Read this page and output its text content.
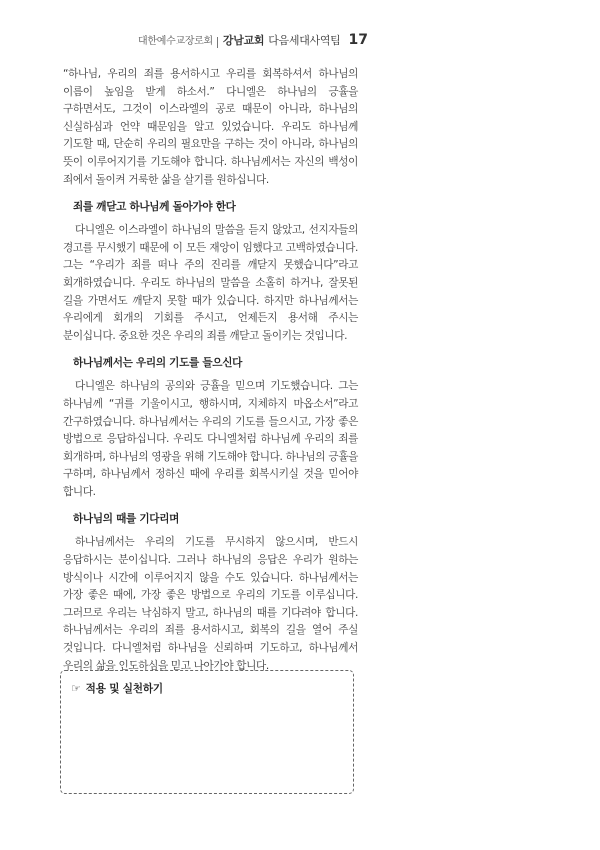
대한예수교장로회 강남교회 다음세대사역팀 17

“하나님, 우리의 죄를 용서하시고 우리를 회복하셔서 하나님의 이름이 높임을 받게 하소서.” 다니엘은 하나님의 긍휼을 구하면서도, 그것이 이스라엘의 공로 때문이 아니라, 하나님의 신실하심과 언약 때문임을 알고 있었습니다. 우리도 하나님께 기도할 때, 단순히 우리의 필요만을 구하는 것이 아니라, 하나님의 뜻이 이루어지기를 기도해야 합니다. 하나님께서는 자신의 백성이 죄에서 돌이켜 거룩한 삶을 살기를 원하십니다.

죄를 깨닫고 하나님께 돌아가야 한다

다니엘은 이스라엘이 하나님의 말씀을 듣지 않았고, 선지자들의 경고를 무시했기 때문에 이 모든 재앙이 임했다고 고백하였습니다. 그는 “우리가 죄를 떠나 주의 진리를 깨닫지 못했습니다”라고 회개하였습니다. 우리도 하나님의 말씀을 소홀히 하거나, 잘못된 길을 가면서도 깨닫지 못할 때가 있습니다. 하지만 하나님께서는 우리에게 회개의 기회를 주시고, 언제든지 용서해 주시는 분이십니다. 중요한 것은 우리의 죄를 깨닫고 돌이키는 것입니다.

하나님께서는 우리의 기도를 들으신다

다니엘은 하나님의 공의와 긍휼을 믿으며 기도했습니다. 그는 하나님께 “귀를 기울이시고, 행하시며, 지체하지 마옵소서”라고 간구하였습니다. 하나님께서는 우리의 기도를 들으시고, 가장 좋은 방법으로 응답하십니다. 우리도 다니엘처럼 하나님께 우리의 죄를 회개하며, 하나님의 영광을 위해 기도해야 합니다. 하나님의 긍휼을 구하며, 하나님께서 정하신 때에 우리를 회복시키실 것을 믿어야 합니다.

하나님의 때를 기다리며

하나님께서는 우리의 기도를 무시하지 않으시며, 반드시 응답하시는 분이십니다. 그러나 하나님의 응답은 우리가 원하는 방식이나 시간에 이루어지지 않을 수도 있습니다. 하나님께서는 가장 좋은 때에, 가장 좋은 방법으로 우리의 기도를 이루십니다. 그러므로 우리는 낙심하지 말고, 하나님의 때를 기다려야 합니다. 하나님께서는 우리의 죄를 용서하시고, 회복의 길을 열어 주실 것입니다. 다니엘처럼 하나님을 신뢰하며 기도하고, 하나님께서 우리의 삶을 인도하심을 믿고 나아가야 합니다.

☞ 적용 및 실천하기
